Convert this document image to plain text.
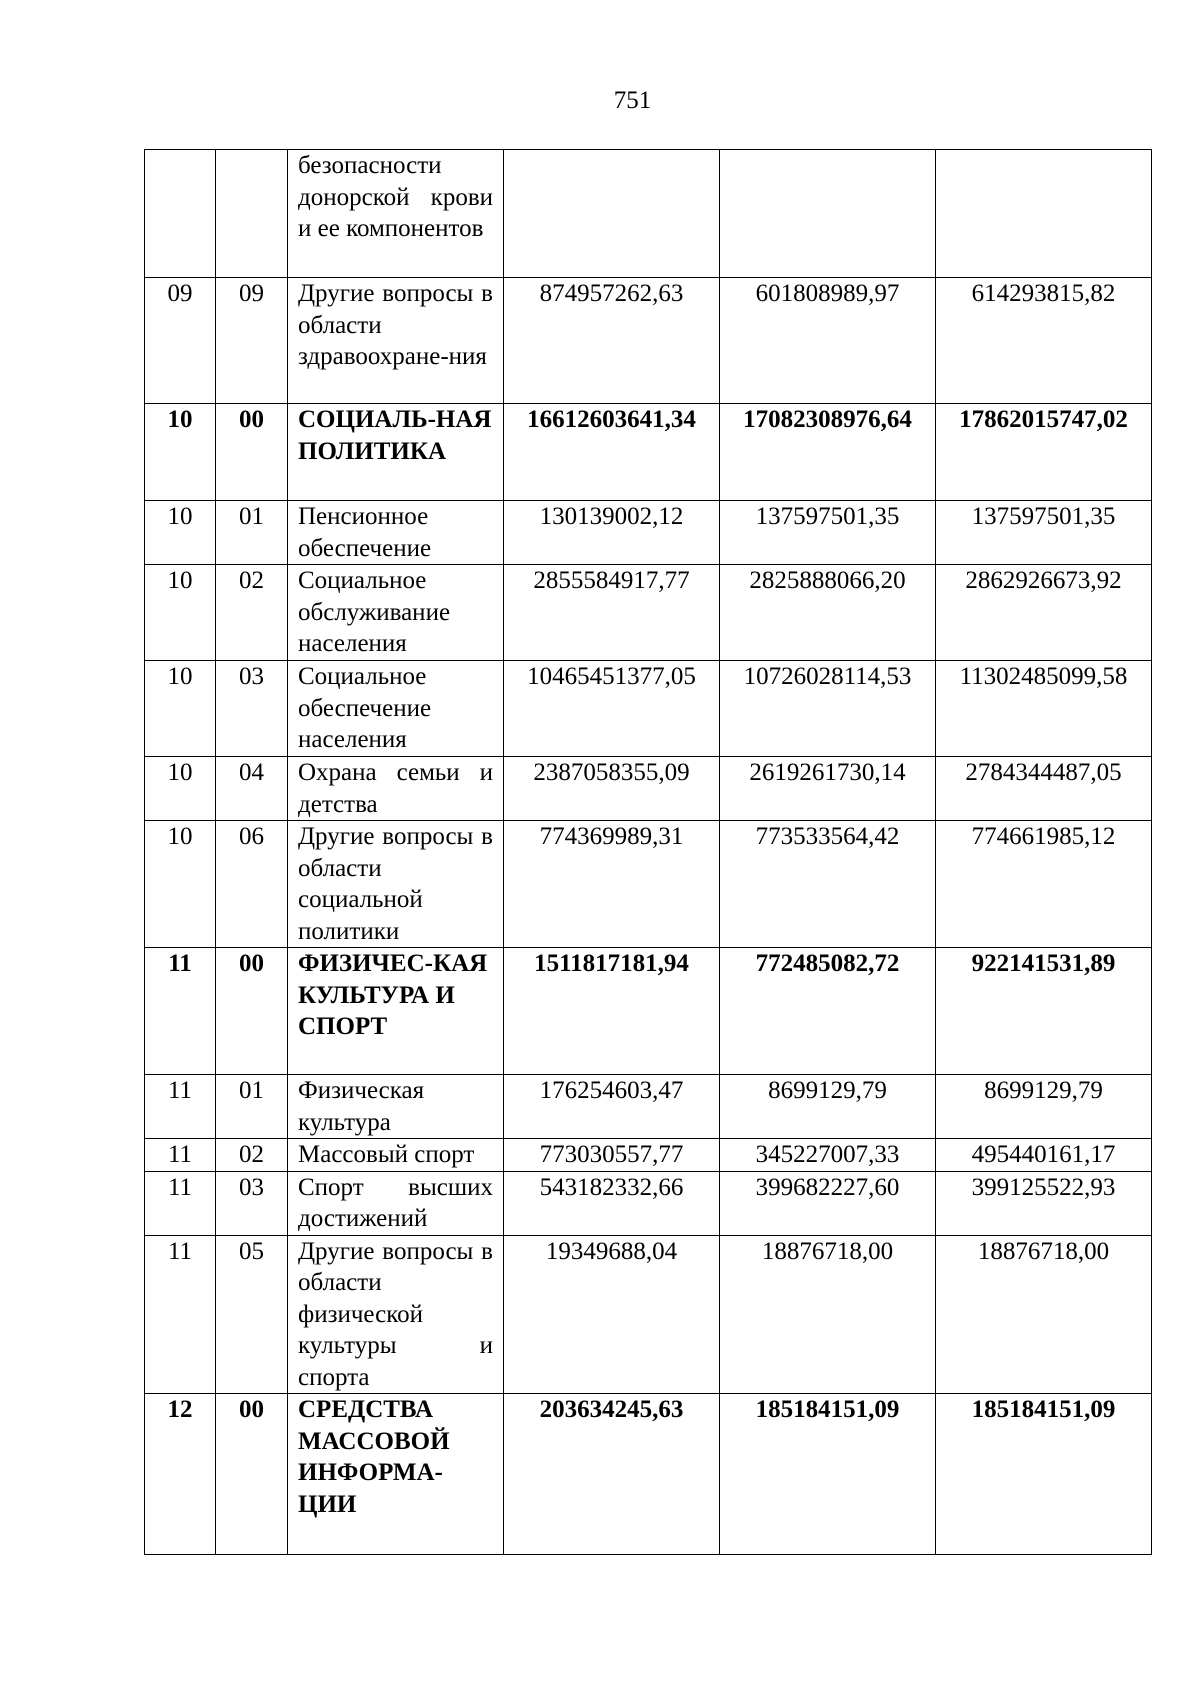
751
		безопасности донорской крови и ее компонентов			
09	09	Другие вопросы в области здравоохране-ния	874957262,63	601808989,97	614293815,82
10	00	СОЦИАЛЬ-НАЯ ПОЛИТИКА	16612603641,34	17082308976,64	17862015747,02
10	01	Пенсионное обеспечение	130139002,12	137597501,35	137597501,35
10	02	Социальное обслуживание населения	2855584917,77	2825888066,20	2862926673,92
10	03	Социальное обеспечение населения	10465451377,05	10726028114,53	11302485099,58
10	04	Охрана семьи и детства	2387058355,09	2619261730,14	2784344487,05
10	06	Другие вопросы в области социальной политики	774369989,31	773533564,42	774661985,12
11	00	ФИЗИЧЕС-КАЯ КУЛЬТУРА И СПОРТ	1511817181,94	772485082,72	922141531,89
11	01	Физическая культура	176254603,47	8699129,79	8699129,79
11	02	Массовый спорт	773030557,77	345227007,33	495440161,17
11	03	Спорт высших достижений	543182332,66	399682227,60	399125522,93
11	05	Другие вопросы в области физической культуры и спорта	19349688,04	18876718,00	18876718,00
12	00	СРЕДСТВА МАССОВОЙ ИНФОРМА-ЦИИ	203634245,63	185184151,09	185184151,09
